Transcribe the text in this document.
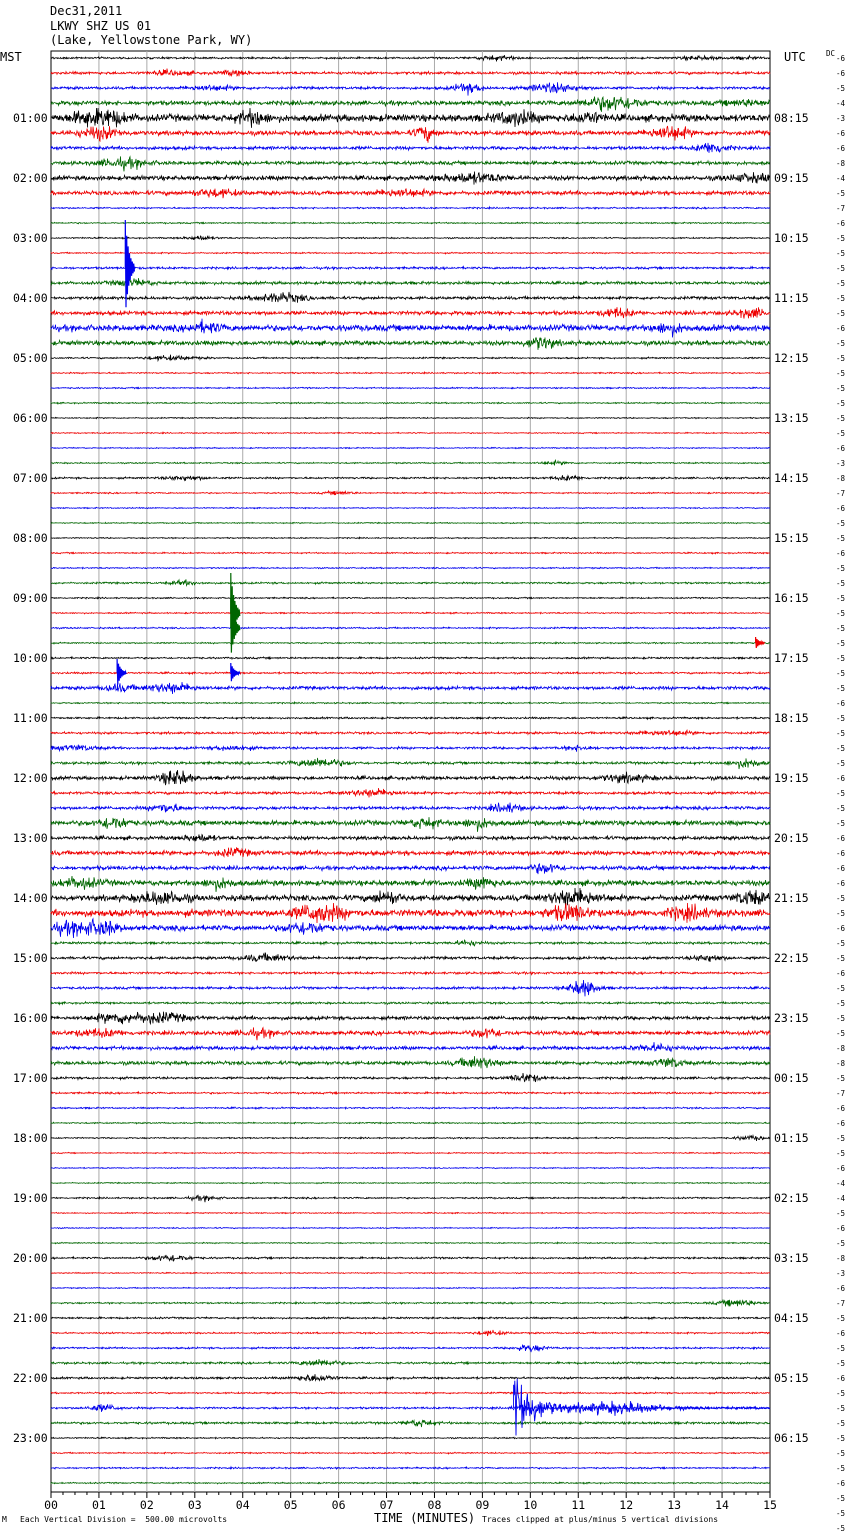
Dec31,2011
LKWY SHZ US 01
(Lake, Yellowstone Park, WY)
MST	UTC	DC
00	01	02	03	04	05	06	07	08	09	10	11	12	13	14	15
01:00
02:00
03:00
04:00
05:00
06:00
07:00
08:00
09:00
10:00
11:00
12:00
13:00
14:00
15:00
16:00
17:00
18:00
19:00
20:00
21:00
22:00
23:00
08:15
09:15
10:15
11:15
12:15
13:15
14:15
15:15
16:15
17:15
18:15
19:15
20:15
21:15
22:15
23:15
00:15
01:15
02:15
03:15
04:15
05:15
06:15
-6
-6
-5
-4
-3
-6
-6
-8
-4
-5
-7
-6
-5
-5
-5
-5
-5
-5
-6
-5
-5
-5
-5
-5
-5
-5
-6
-3
-8
-7
-6
-5
-5
-6
-5
-5
-5
-5
-5
-5
-5
-5
-5
-6
-5
-5
-5
-5
-6
-5
-5
-5
-6
-6
-6
-6
-5
-5
-6
-5
-5
-6
-5
-5
-5
-5
-8
-8
-5
-7
-6
-6
-5
-5
-6
-4
-4
-5
-6
-5
-8
-3
-6
-7
-5
-6
-5
-5
-6
-5
-5
-5
-5
-5
-5
-6
-5
-5
-5
TIME (MINUTES)
M Each Vertical Division =  500.00 microvolts	Traces clipped at plus/minus 5 vertical divisions
